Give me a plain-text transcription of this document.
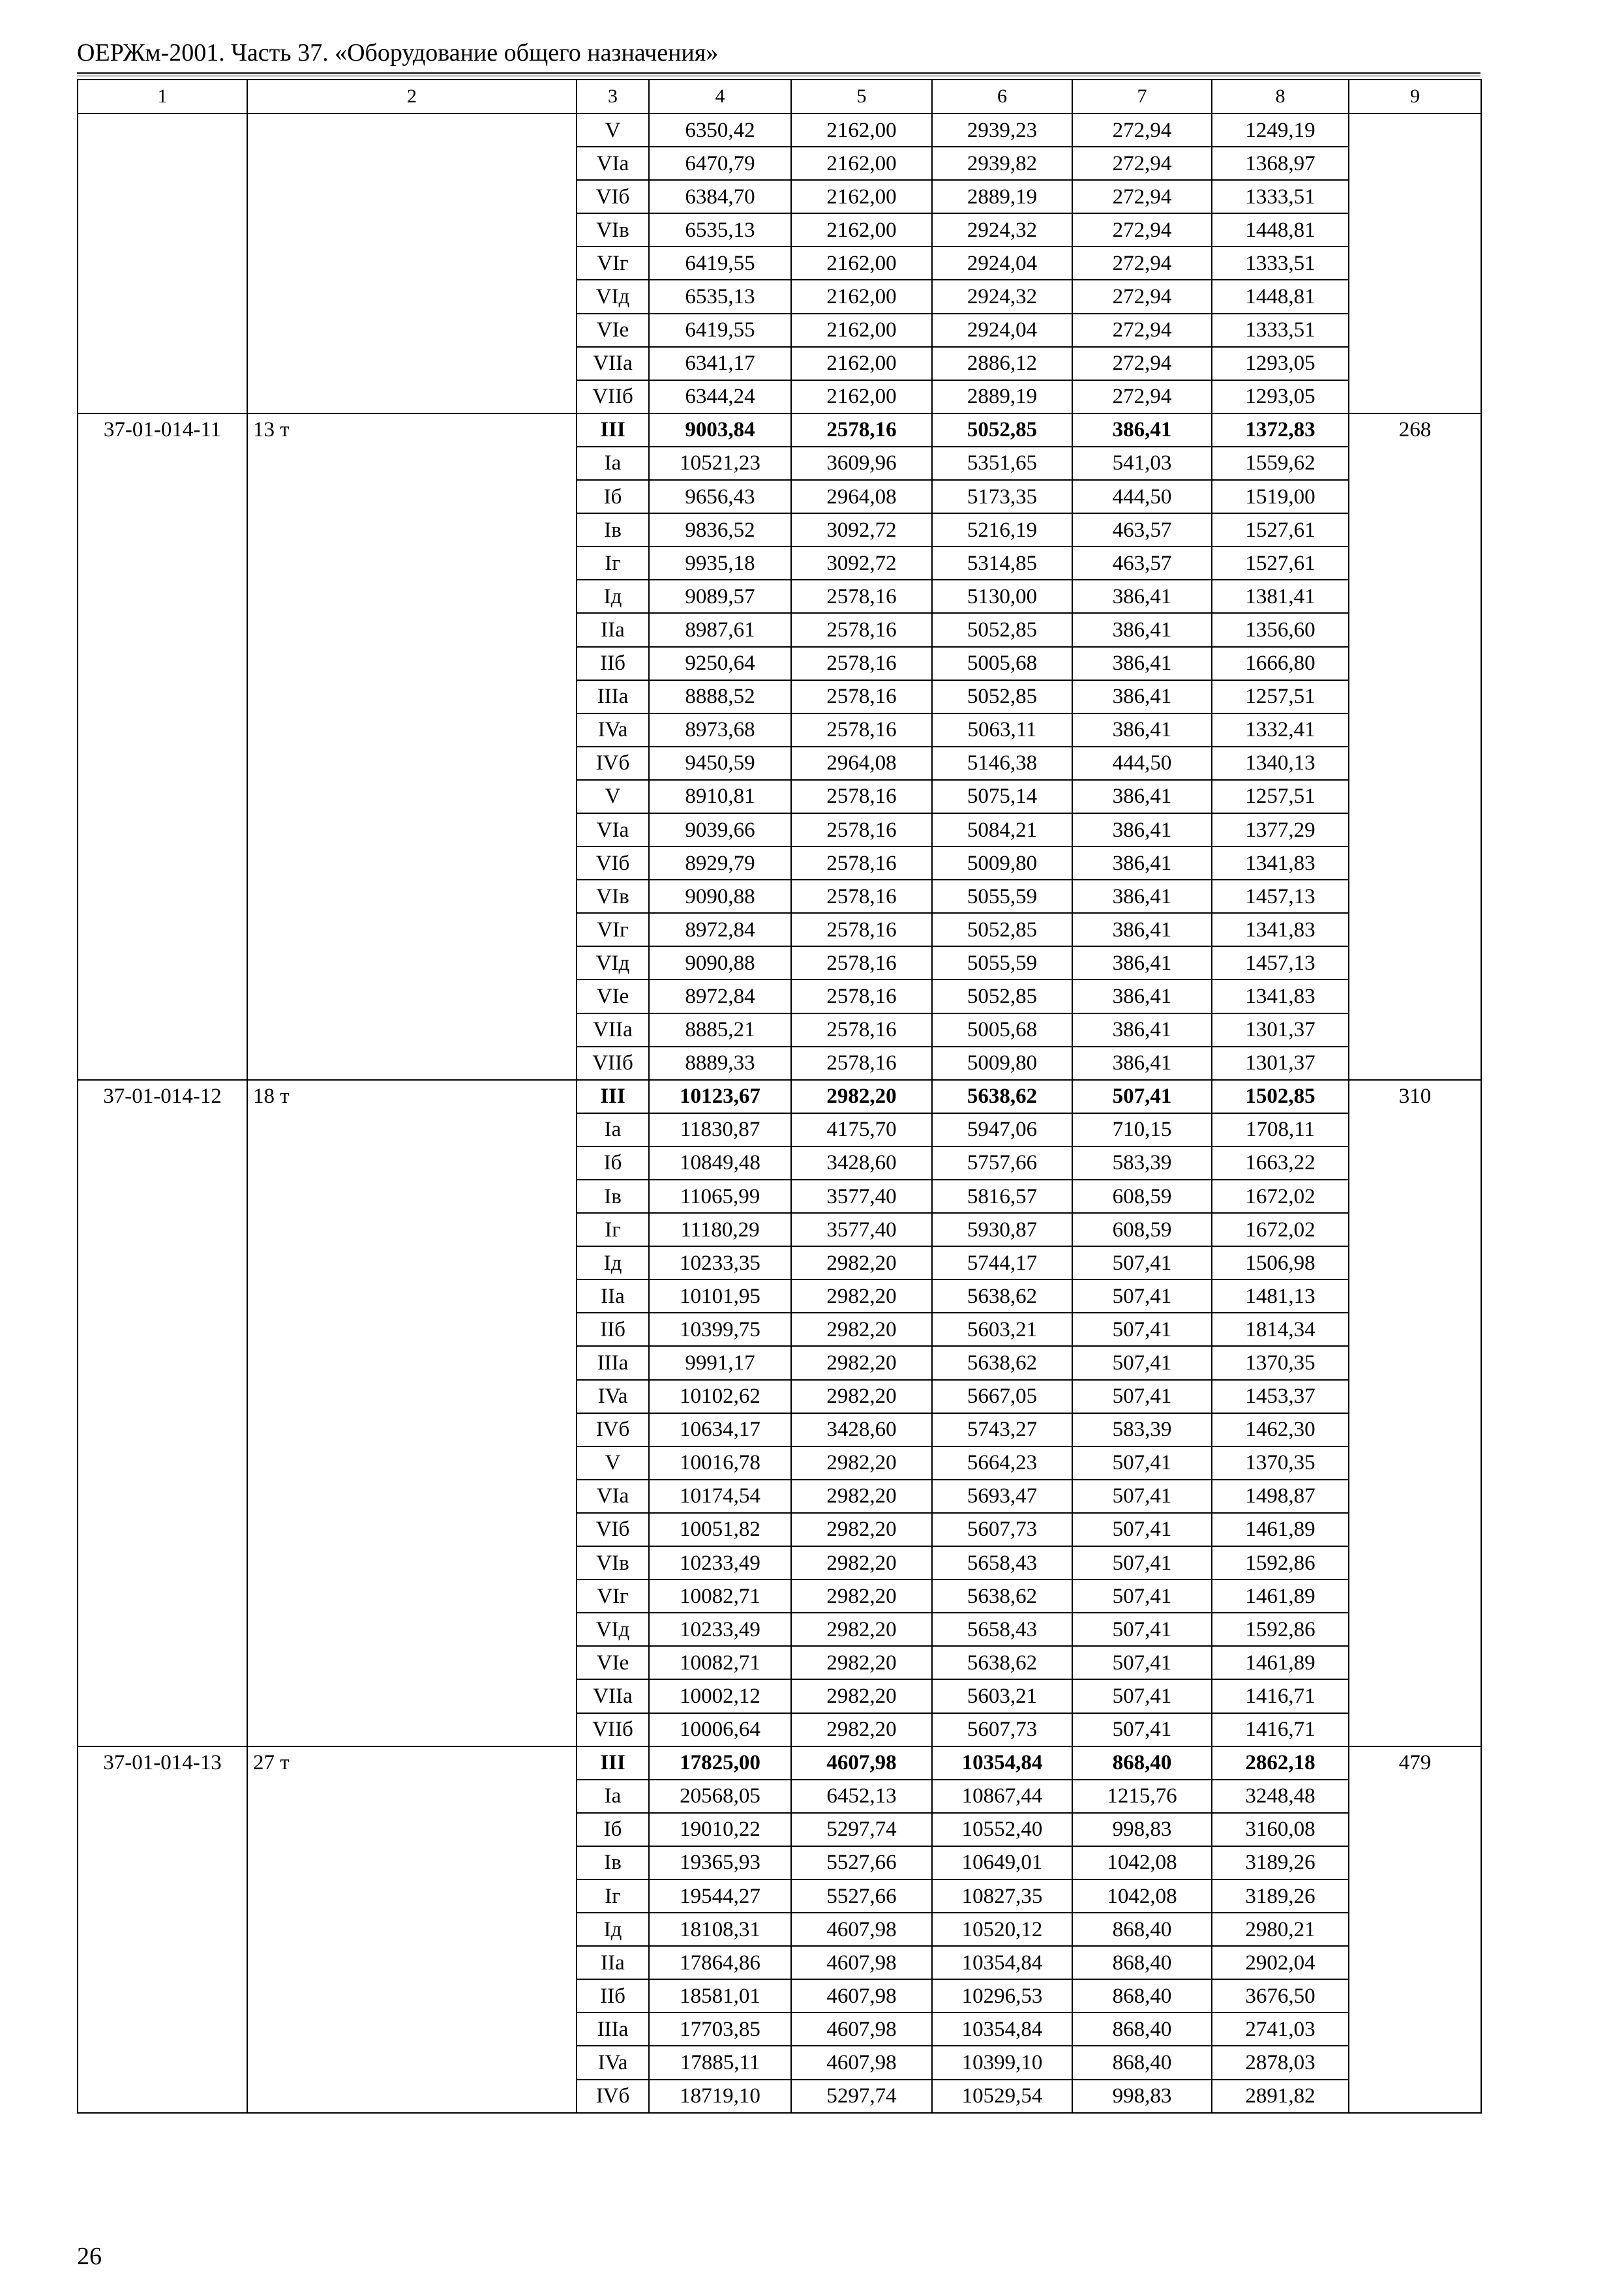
ОЕРЖм-2001. Часть 37. «Оборудование общего назначения»
1	2	3	4	5	6	7	8	9
		V	6350,42	2162,00	2939,23	272,94	1249,19	
		VIa	6470,79	2162,00	2939,82	272,94	1368,97	
		VIб	6384,70	2162,00	2889,19	272,94	1333,51	
		VIв	6535,13	2162,00	2924,32	272,94	1448,81	
		VIг	6419,55	2162,00	2924,04	272,94	1333,51	
		VIд	6535,13	2162,00	2924,32	272,94	1448,81	
		VIe	6419,55	2162,00	2924,04	272,94	1333,51	
		VIIa	6341,17	2162,00	2886,12	272,94	1293,05	
		VIIб	6344,24	2162,00	2889,19	272,94	1293,05	
37-01-014-11	13 т	III	9003,84	2578,16	5052,85	386,41	1372,83	268
		Ia	10521,23	3609,96	5351,65	541,03	1559,62	
		Iб	9656,43	2964,08	5173,35	444,50	1519,00	
		Iв	9836,52	3092,72	5216,19	463,57	1527,61	
		Iг	9935,18	3092,72	5314,85	463,57	1527,61	
		Iд	9089,57	2578,16	5130,00	386,41	1381,41	
		IIa	8987,61	2578,16	5052,85	386,41	1356,60	
		IIб	9250,64	2578,16	5005,68	386,41	1666,80	
		IIIa	8888,52	2578,16	5052,85	386,41	1257,51	
		IVa	8973,68	2578,16	5063,11	386,41	1332,41	
		IVб	9450,59	2964,08	5146,38	444,50	1340,13	
		V	8910,81	2578,16	5075,14	386,41	1257,51	
		VIa	9039,66	2578,16	5084,21	386,41	1377,29	
		VIб	8929,79	2578,16	5009,80	386,41	1341,83	
		VIв	9090,88	2578,16	5055,59	386,41	1457,13	
		VIг	8972,84	2578,16	5052,85	386,41	1341,83	
		VIд	9090,88	2578,16	5055,59	386,41	1457,13	
		VIe	8972,84	2578,16	5052,85	386,41	1341,83	
		VIIa	8885,21	2578,16	5005,68	386,41	1301,37	
		VIIб	8889,33	2578,16	5009,80	386,41	1301,37	
37-01-014-12	18 т	III	10123,67	2982,20	5638,62	507,41	1502,85	310
		Ia	11830,87	4175,70	5947,06	710,15	1708,11	
		Iб	10849,48	3428,60	5757,66	583,39	1663,22	
		Iв	11065,99	3577,40	5816,57	608,59	1672,02	
		Iг	11180,29	3577,40	5930,87	608,59	1672,02	
		Iд	10233,35	2982,20	5744,17	507,41	1506,98	
		IIa	10101,95	2982,20	5638,62	507,41	1481,13	
		IIб	10399,75	2982,20	5603,21	507,41	1814,34	
		IIIa	9991,17	2982,20	5638,62	507,41	1370,35	
		IVa	10102,62	2982,20	5667,05	507,41	1453,37	
		IVб	10634,17	3428,60	5743,27	583,39	1462,30	
		V	10016,78	2982,20	5664,23	507,41	1370,35	
		VIa	10174,54	2982,20	5693,47	507,41	1498,87	
		VIб	10051,82	2982,20	5607,73	507,41	1461,89	
		VIв	10233,49	2982,20	5658,43	507,41	1592,86	
		VIг	10082,71	2982,20	5638,62	507,41	1461,89	
		VIд	10233,49	2982,20	5658,43	507,41	1592,86	
		VIe	10082,71	2982,20	5638,62	507,41	1461,89	
		VIIa	10002,12	2982,20	5603,21	507,41	1416,71	
		VIIб	10006,64	2982,20	5607,73	507,41	1416,71	
37-01-014-13	27 т	III	17825,00	4607,98	10354,84	868,40	2862,18	479
		Ia	20568,05	6452,13	10867,44	1215,76	3248,48	
		Iб	19010,22	5297,74	10552,40	998,83	3160,08	
		Iв	19365,93	5527,66	10649,01	1042,08	3189,26	
		Iг	19544,27	5527,66	10827,35	1042,08	3189,26	
		Iд	18108,31	4607,98	10520,12	868,40	2980,21	
		IIa	17864,86	4607,98	10354,84	868,40	2902,04	
		IIб	18581,01	4607,98	10296,53	868,40	3676,50	
		IIIa	17703,85	4607,98	10354,84	868,40	2741,03	
		IVa	17885,11	4607,98	10399,10	868,40	2878,03	
		IVб	18719,10	5297,74	10529,54	998,83	2891,82	
26
